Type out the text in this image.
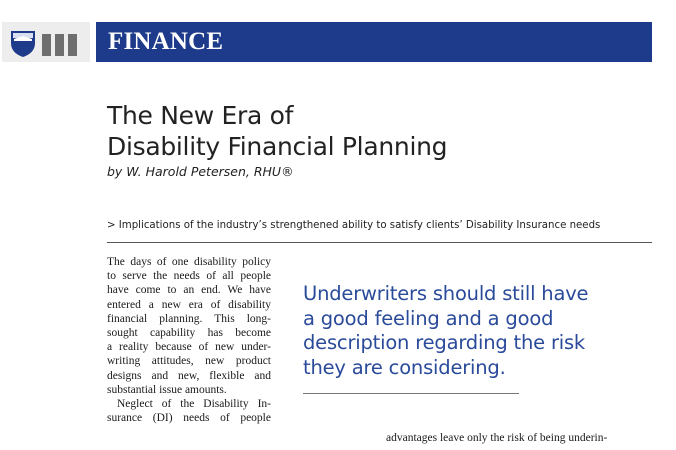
FINANCE
The New Era of
Disability Financial Planning
by W. Harold Petersen, RHU®
> Implications of the industry’s strengthened ability to satisfy clients’ Disability Insurance needs
The days of one disability policy
to serve the needs of all people
have come to an end. We have
entered a new era of disability
financial planning. This long-
sought capability has become
a reality because of new under-
writing attitudes, new product
designs and new, flexible and
substantial issue amounts.
Neglect of the Disability In-
surance (DI) needs of people
Underwriters should still have
a good feeling and a good
description regarding the risk
they are considering.
advantages leave only the risk of being underin-
